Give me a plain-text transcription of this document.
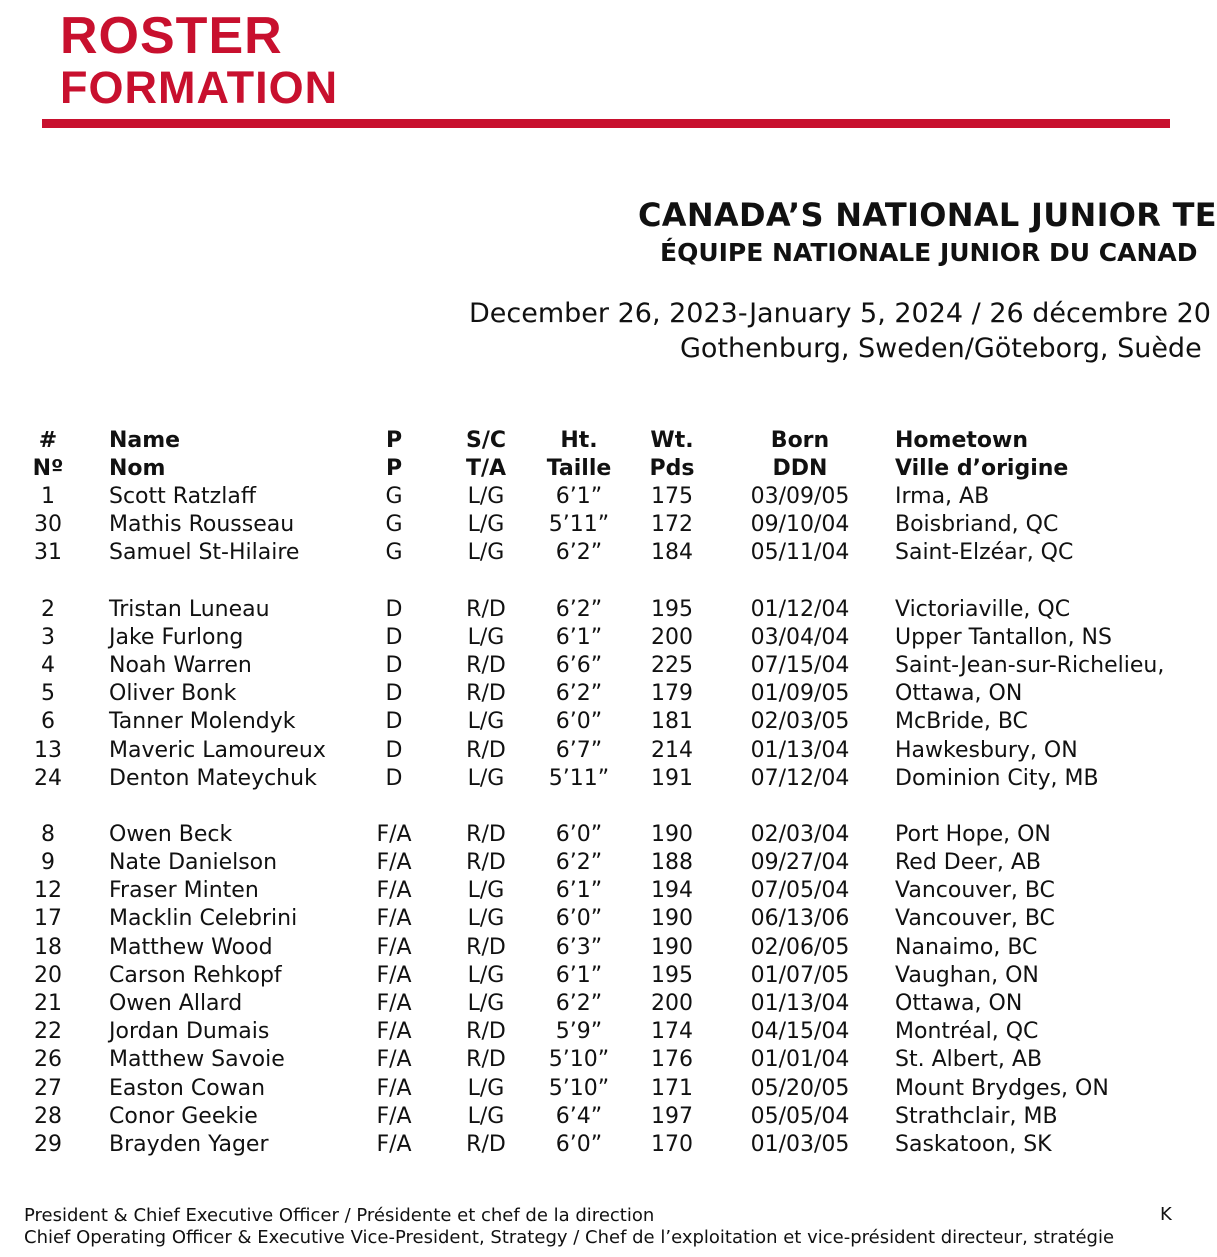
ROSTER
FORMATION
CANADA’S NATIONAL JUNIOR TE
ÉQUIPE NATIONALE JUNIOR DU CANAD
December 26, 2023-January 5, 2024 / 26 décembre 20
Gothenburg, Sweden/Göteborg, Suède
#	Name	P	S/C	Ht.	Wt.	Born	Hometown
Nº	Nom	P	T/A	Taille	Pds	DDN	Ville d’origine
1	Scott Ratzlaff	G	L/G	6’1”	175	03/09/05	Irma, AB
30	Mathis Rousseau	G	L/G	5’11”	172	09/10/04	Boisbriand, QC
31	Samuel St-Hilaire	G	L/G	6’2”	184	05/11/04	Saint-Elzéar, QC
2	Tristan Luneau	D	R/D	6’2”	195	01/12/04	Victoriaville, QC
3	Jake Furlong	D	L/G	6’1”	200	03/04/04	Upper Tantallon, NS
4	Noah Warren	D	R/D	6’6”	225	07/15/04	Saint-Jean-sur-Richelieu,
5	Oliver Bonk	D	R/D	6’2”	179	01/09/05	Ottawa, ON
6	Tanner Molendyk	D	L/G	6’0”	181	02/03/05	McBride, BC
13	Maveric Lamoureux	D	R/D	6’7”	214	01/13/04	Hawkesbury, ON
24	Denton Mateychuk	D	L/G	5’11”	191	07/12/04	Dominion City, MB
8	Owen Beck	F/A	R/D	6’0”	190	02/03/04	Port Hope, ON
9	Nate Danielson	F/A	R/D	6’2”	188	09/27/04	Red Deer, AB
12	Fraser Minten	F/A	L/G	6’1”	194	07/05/04	Vancouver, BC
17	Macklin Celebrini	F/A	L/G	6’0”	190	06/13/06	Vancouver, BC
18	Matthew Wood	F/A	R/D	6’3”	190	02/06/05	Nanaimo, BC
20	Carson Rehkopf	F/A	L/G	6’1”	195	01/07/05	Vaughan, ON
21	Owen Allard	F/A	L/G	6’2”	200	01/13/04	Ottawa, ON
22	Jordan Dumais	F/A	R/D	5’9”	174	04/15/04	Montréal, QC
26	Matthew Savoie	F/A	R/D	5’10”	176	01/01/04	St. Albert, AB
27	Easton Cowan	F/A	L/G	5’10”	171	05/20/05	Mount Brydges, ON
28	Conor Geekie	F/A	L/G	6’4”	197	05/05/04	Strathclair, MB
29	Brayden Yager	F/A	R/D	6’0”	170	01/03/05	Saskatoon, SK
President & Chief Executive Officer / Présidente et chef de la direction
Chief Operating Officer & Executive Vice-President, Strategy / Chef de l’exploitation et vice-président directeur, stratégie
K
